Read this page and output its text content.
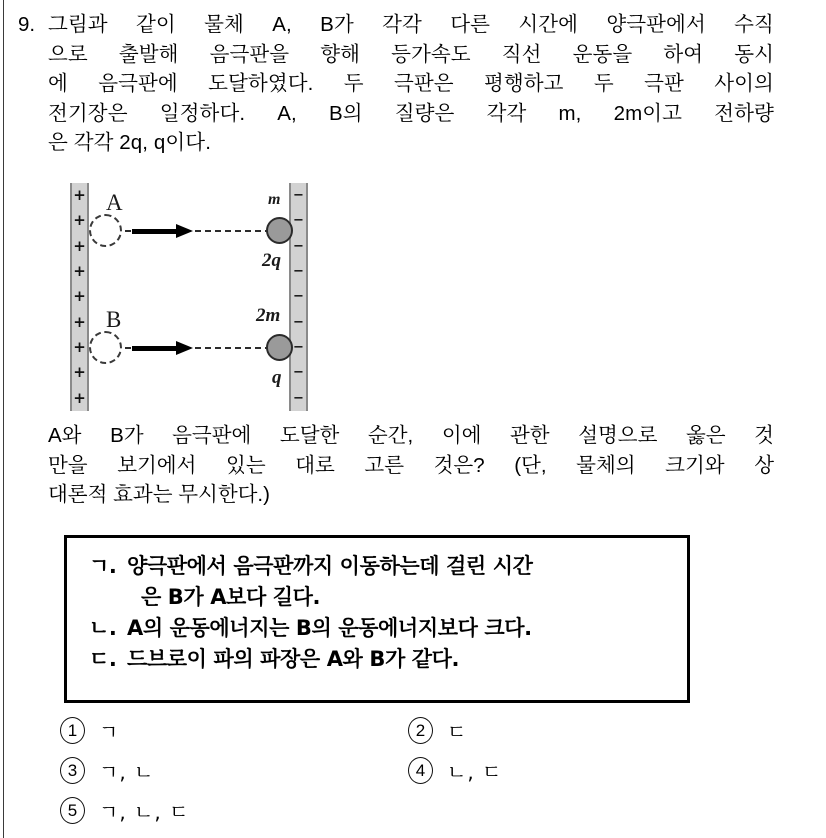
9. 그림과 같이 물체 A, B가 각각 다른 시간에 양극판에서 수직
으로 출발해 음극판을 향해 등가속도 직선 운동을 하여 동시
에 음극판에 도달하였다. 두 극판은 평행하고 두 극판 사이의
전기장은 일정하다. A, B의 질량은 각각 m, 2m이고 전하량
은 각각 2q, q이다.
+
+
+
+
+
+
+
+
+
−
−
−
−
−
−
−
−
−
A	m
2q
B	2m
q
A와 B가 음극판에 도달한 순간, 이에 관한 설명으로 옳은 것
만을 보기에서 있는 대로 고른 것은? (단, 물체의 크기와 상
대론적 효과는 무시한다.)
ㄱ. 양극판에서 음극판까지 이동하는데 걸린 시간
은 B가 A보다 길다.
ㄴ. A의 운동에너지는 B의 운동에너지보다 크다.
ㄷ. 드브로이 파의 파장은 A와 B가 같다.
1	ㄱ	2	ㄷ
3	ㄱ, ㄴ	4	ㄴ, ㄷ
5	ㄱ, ㄴ, ㄷ
